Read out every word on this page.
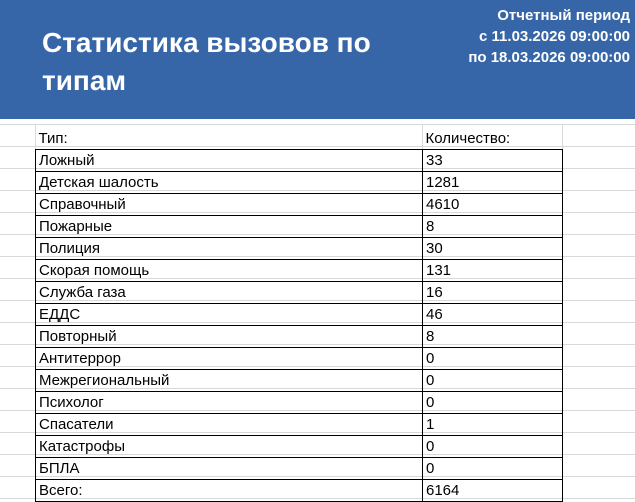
Статистика вызовов по типам
Отчетный период
с 11.03.2026 09:00:00
по 18.03.2026 09:00:00
Тип:	Количество:
Ложный	33
Детская шалость	1281
Справочный	4610
Пожарные	8
Полиция	30
Скорая помощь	131
Служба газа	16
ЕДДС	46
Повторный	8
Антитеррор	0
Межрегиональный	0
Психолог	0
Спасатели	1
Катастрофы	0
БПЛА	0
Всего:	6164
